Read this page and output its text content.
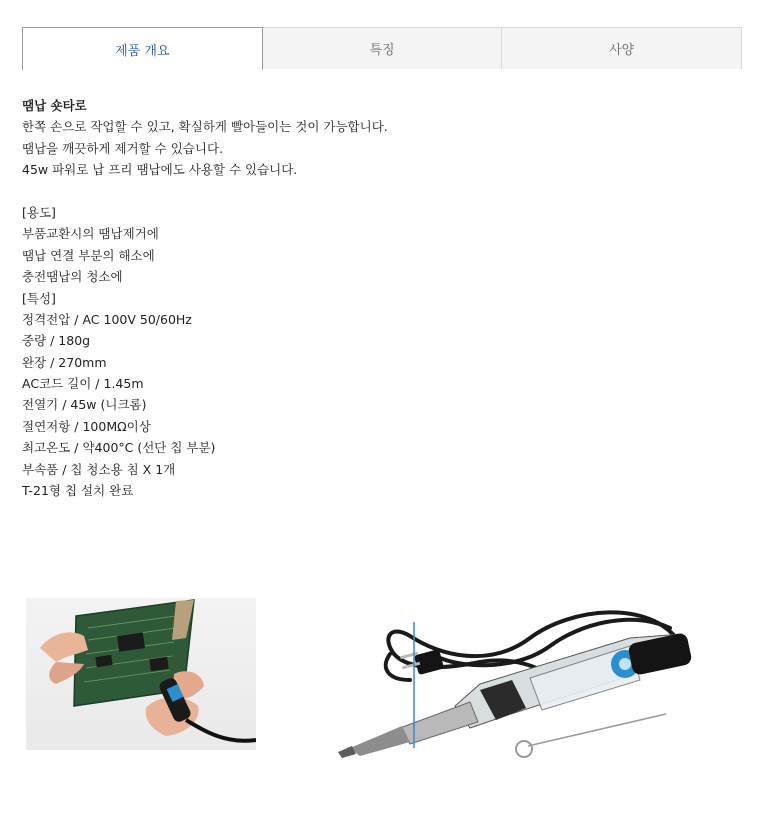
제품 개요	특징	사양
땜납 숏타로
한쪽 손으로 작업할 수 있고, 확실하게 빨아들이는 것이 가능합니다.
땜납을 깨끗하게 제거할 수 있습니다.
45w 파워로 납 프리 땜납에도 사용할 수 있습니다.
[용도]
부품교환시의 땜납제거에
땜납 연결 부분의 해소에
충전땜납의 청소에
[특성]
정격전압 / AC 100V 50/60Hz
중량 / 180g
완장 / 270mm
AC코드 길이 / 1.45m
전열기 / 45w (니크롬)
절연저항 / 100MΩ이상
최고온도 / 약400°C (선단 칩 부분)
부속품 / 칩 청소용 침 X 1개
T-21형 칩 설치 완료
